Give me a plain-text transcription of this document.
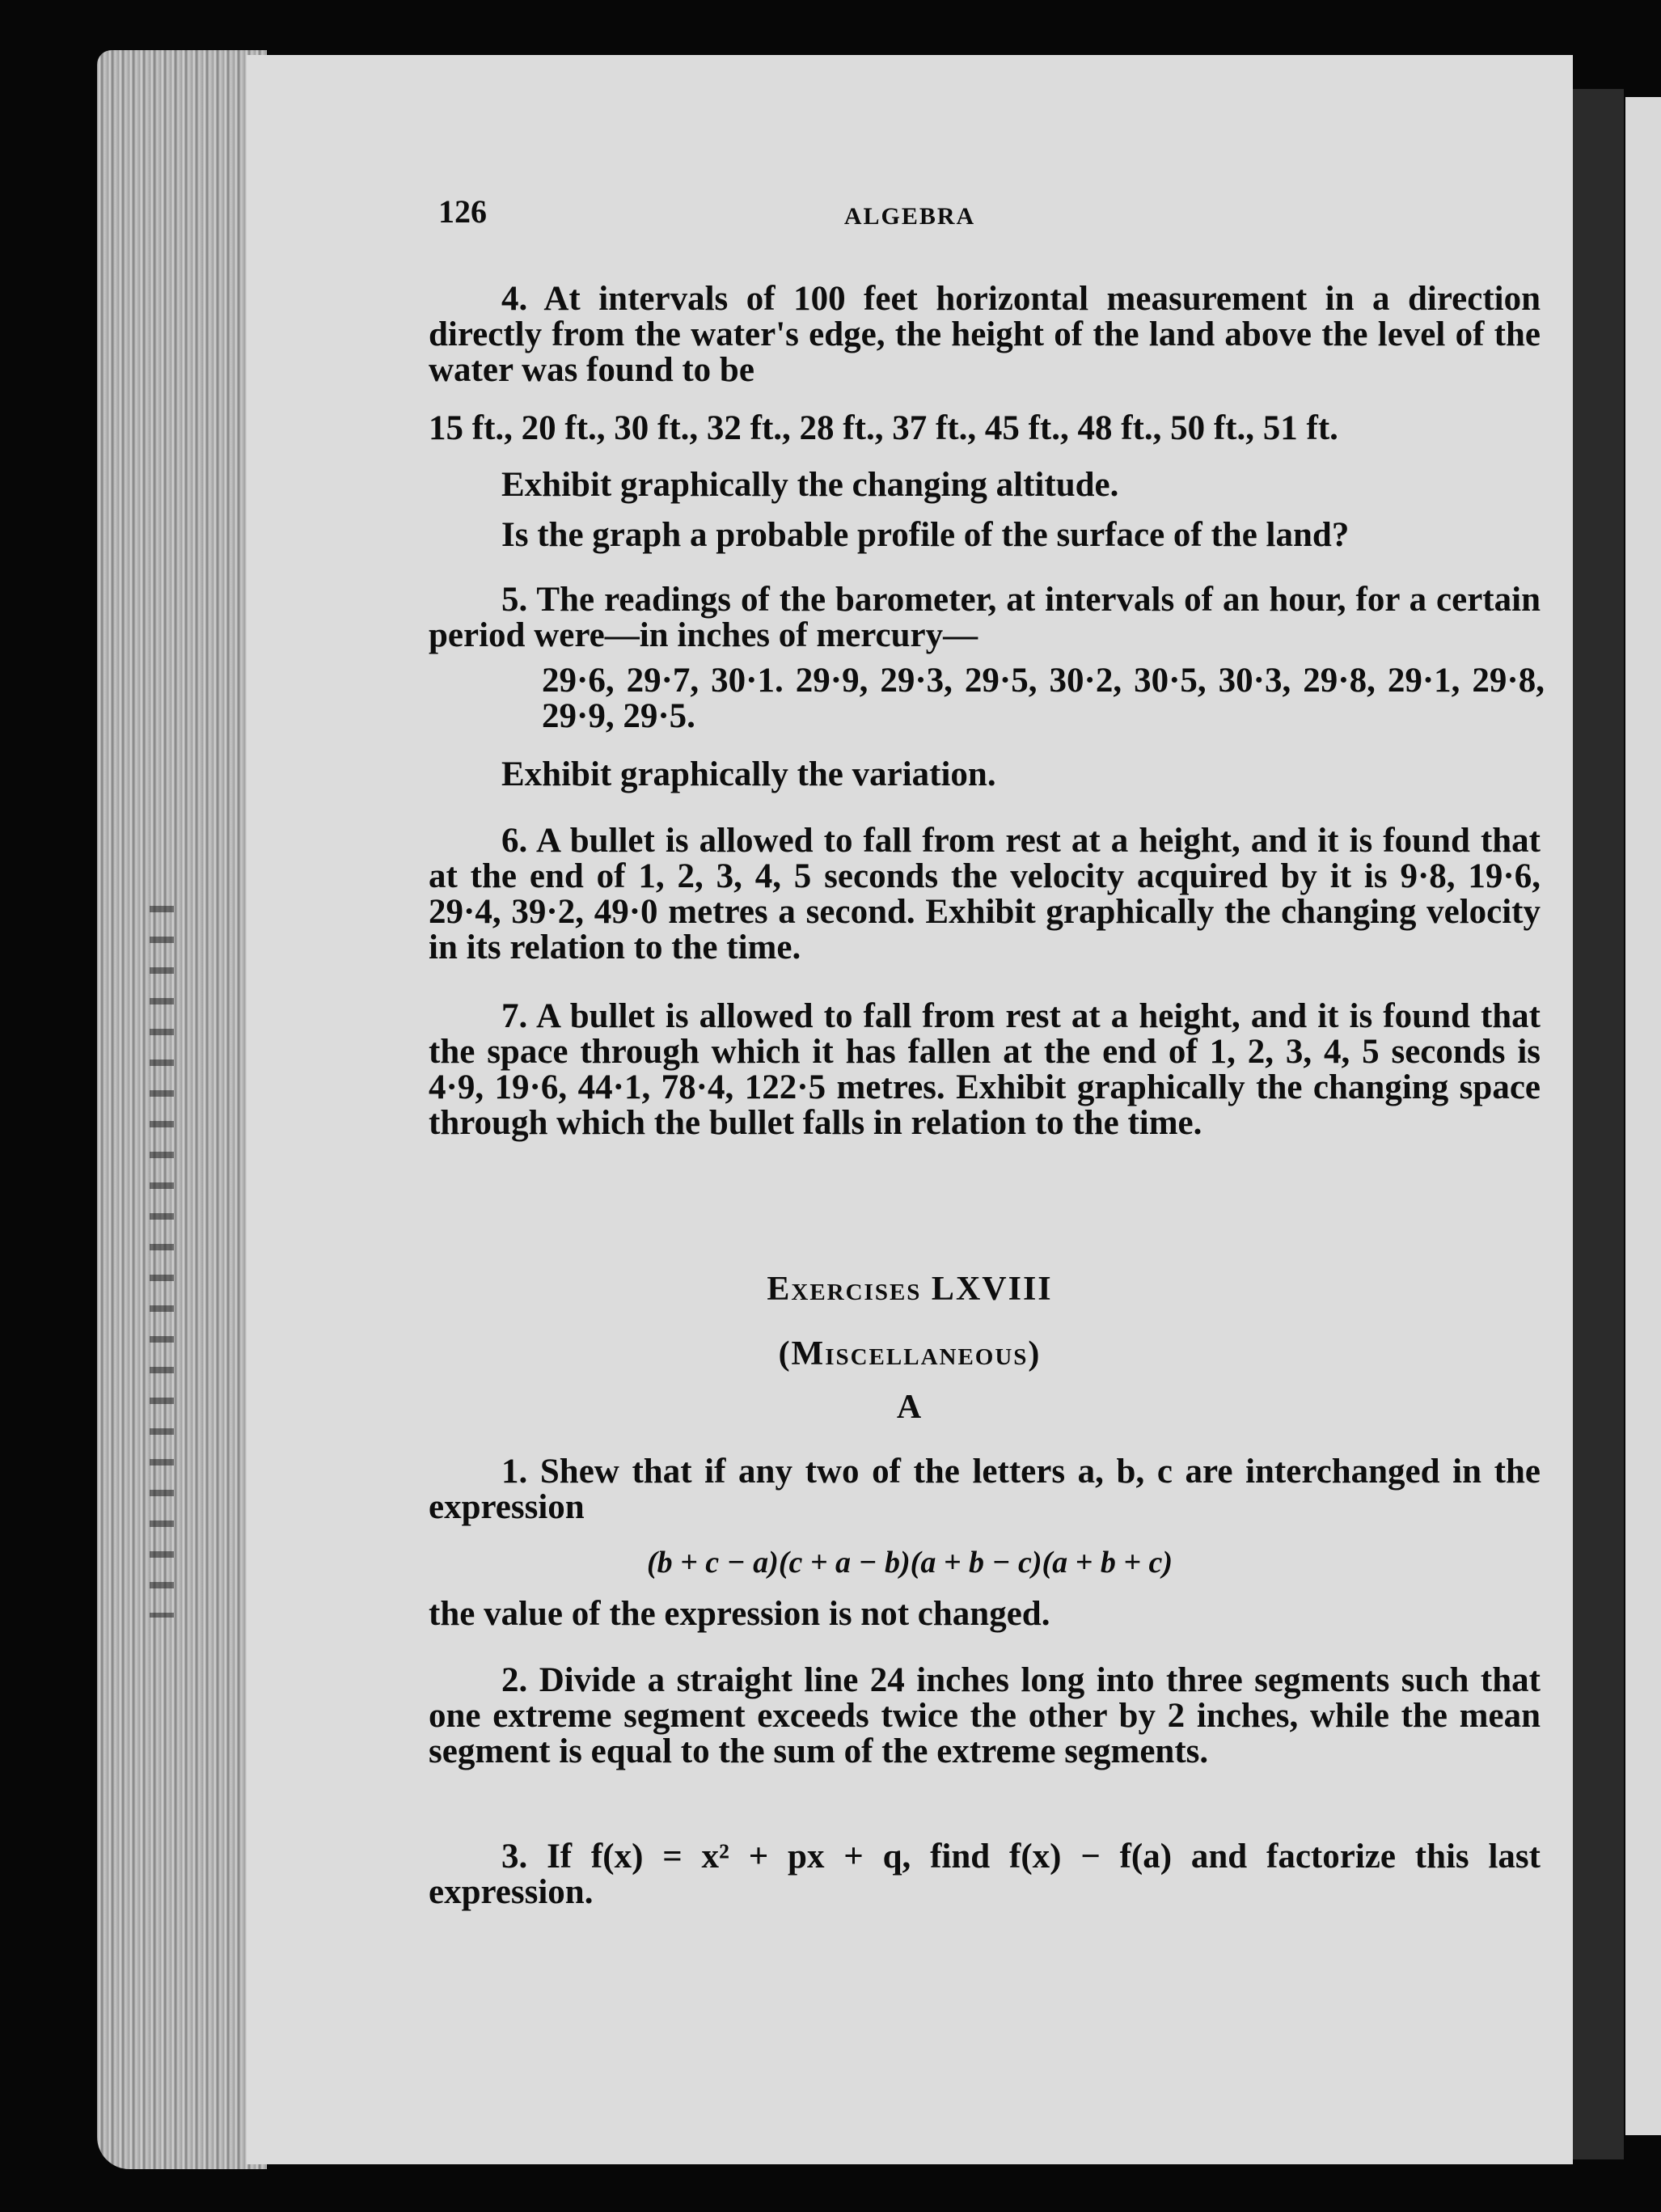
126	ALGEBRA

4. At intervals of 100 feet horizontal measurement in a direction directly from the water's edge, the height of the land above the level of the water was found to be

15 ft., 20 ft., 30 ft., 32 ft., 28 ft., 37 ft., 45 ft., 48 ft., 50 ft., 51 ft.

Exhibit graphically the changing altitude.

Is the graph a probable profile of the surface of the land?

5. The readings of the barometer, at intervals of an hour, for a certain period were—in inches of mercury—

29·6, 29·7, 30·1. 29·9, 29·3, 29·5, 30·2, 30·5, 30·3, 29·8, 29·1, 29·8, 29·9, 29·5.

Exhibit graphically the variation.

6. A bullet is allowed to fall from rest at a height, and it is found that at the end of 1, 2, 3, 4, 5 seconds the velocity acquired by it is 9·8, 19·6, 29·4, 39·2, 49·0 metres a second. Exhibit graphically the changing velocity in its relation to the time.

7. A bullet is allowed to fall from rest at a height, and it is found that the space through which it has fallen at the end of 1, 2, 3, 4, 5 seconds is 4·9, 19·6, 44·1, 78·4, 122·5 metres. Exhibit graphically the changing space through which the bullet falls in relation to the time.

Exercises LXVIII

(Miscellaneous)

A

1. Shew that if any two of the letters a, b, c are interchanged in the expression

(b + c − a)(c + a − b)(a + b − c)(a + b + c)

the value of the expression is not changed.

2. Divide a straight line 24 inches long into three segments such that one extreme segment exceeds twice the other by 2 inches, while the mean segment is equal to the sum of the extreme segments.

3. If f(x) = x² + px + q, find f(x) − f(a) and factorize this last expression.
